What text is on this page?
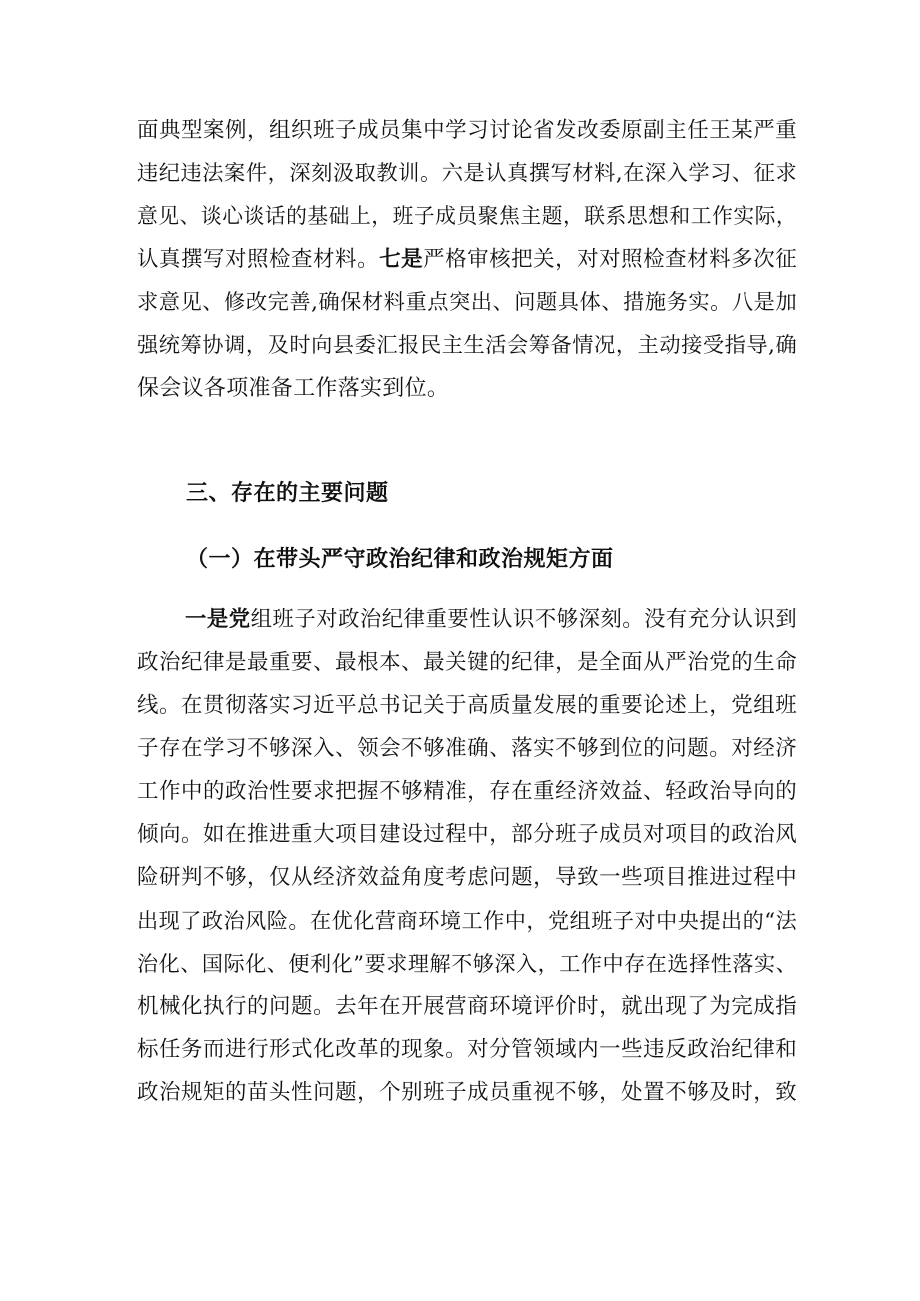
面典型案例，组织班子成员集中学习讨论省发改委原副主任王某严重
违纪违法案件，深刻汲取教训。六是认真撰写材料,在深入学习、征求
意见、谈心谈话的基础上，班子成员聚焦主题，联系思想和工作实际，
认真撰写对照检查材料。七是严格审核把关，对对照检查材料多次征
求意见、修改完善,确保材料重点突出、问题具体、措施务实。八是加
强统筹协调，及时向县委汇报民主生活会筹备情况，主动接受指导,确
保会议各项准备工作落实到位。
三、存在的主要问题
（一）在带头严守政治纪律和政治规矩方面
一是党组班子对政治纪律重要性认识不够深刻。没有充分认识到
政治纪律是最重要、最根本、最关键的纪律，是全面从严治党的生命
线。在贯彻落实习近平总书记关于高质量发展的重要论述上，党组班
子存在学习不够深入、领会不够准确、落实不够到位的问题。对经济
工作中的政治性要求把握不够精准，存在重经济效益、轻政治导向的
倾向。如在推进重大项目建设过程中，部分班子成员对项目的政治风
险研判不够，仅从经济效益角度考虑问题，导致一些项目推进过程中
出现了政治风险。在优化营商环境工作中，党组班子对中央提出的“法
治化、国际化、便利化”要求理解不够深入，工作中存在选择性落实、
机械化执行的问题。去年在开展营商环境评价时，就出现了为完成指
标任务而进行形式化改革的现象。对分管领域内一些违反政治纪律和
政治规矩的苗头性问题，个别班子成员重视不够，处置不够及时，致
